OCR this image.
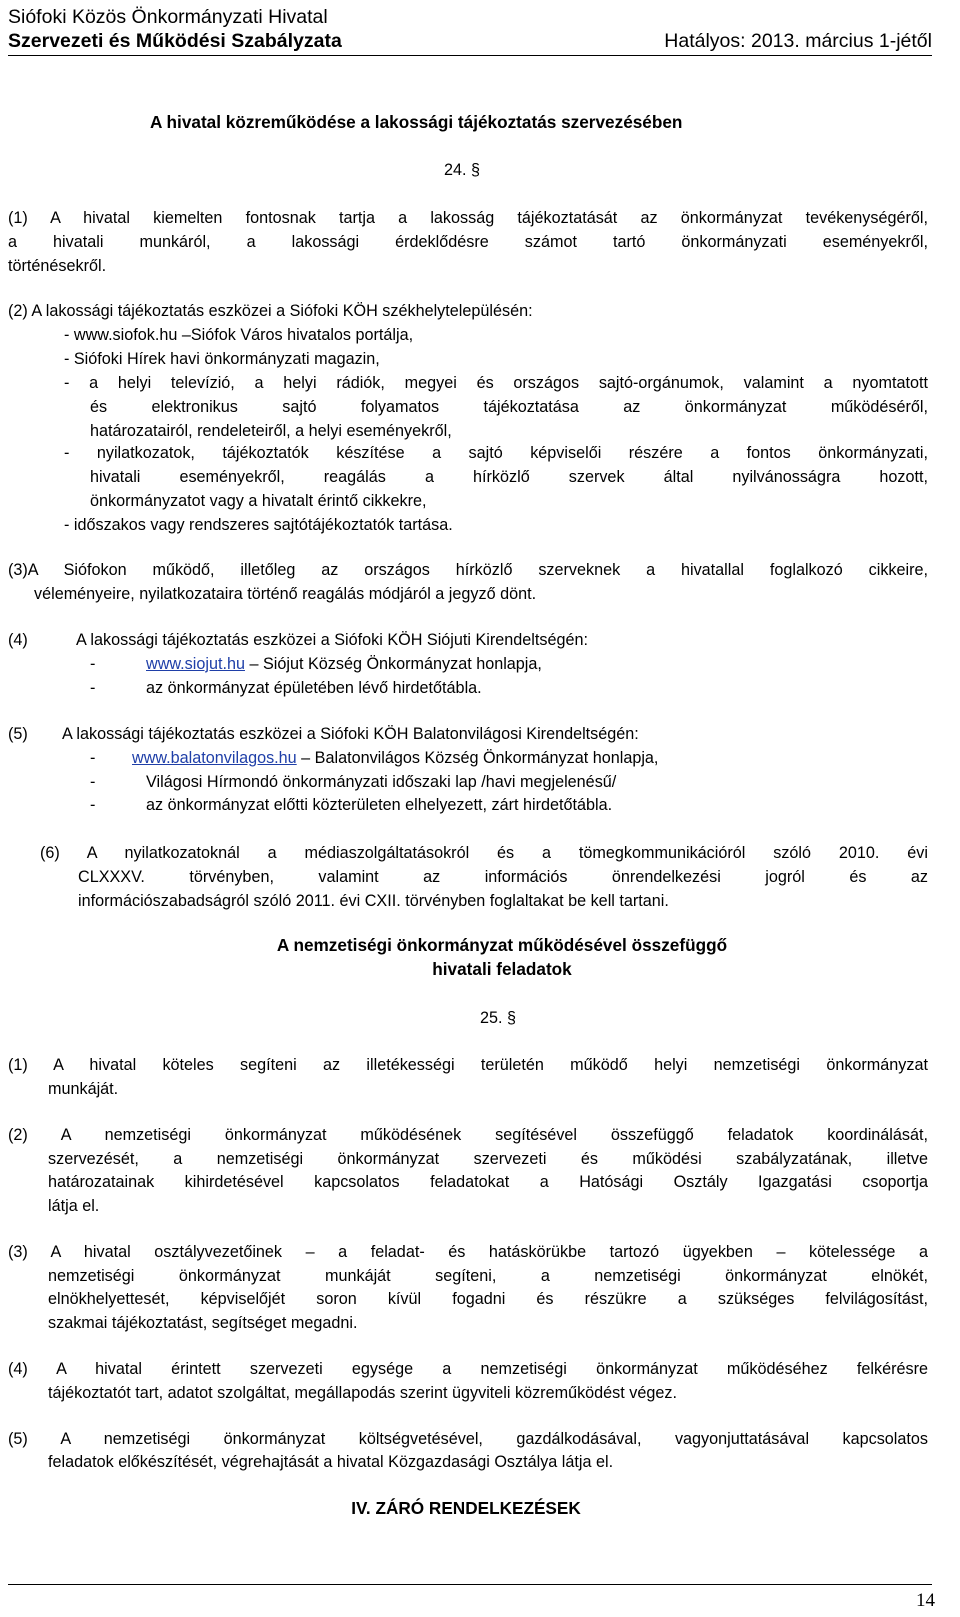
Siófoki Közös Önkormányzati Hivatal
Szervezeti és Működési Szabályzata	Hatályos: 2013. március 1-jétől
A hivatal közreműködése a lakossági tájékoztatás szervezésében
24. §
(1) A hivatal kiemelten fontosnak tartja a lakosság tájékoztatását az önkormányzat tevékenységéről,
a hivatali munkáról, a lakossági érdeklődésre számot tartó önkormányzati eseményekről,
történésekről.
(2) A lakossági tájékoztatás eszközei a Siófoki KÖH székhelytelepülésén:
- www.siofok.hu –Siófok Város hivatalos portálja,
- Siófoki Hírek havi önkormányzati magazin,
- a helyi televízió, a helyi rádiók, megyei és országos sajtó-orgánumok, valamint a nyomtatott
és elektronikus sajtó folyamatos tájékoztatása az önkormányzat működéséről,
határozatairól, rendeleteiről, a helyi eseményekről,
- nyilatkozatok, tájékoztatók készítése a sajtó képviselői részére a fontos önkormányzati,
hivatali eseményekről, reagálás a hírközlő szervek által nyilvánosságra hozott,
önkormányzatot vagy a hivatalt érintő cikkekre,
- időszakos vagy rendszeres sajtótájékoztatók tartása.
(3)A Siófokon működő, illetőleg az országos hírközlő szerveknek a hivatallal foglalkozó cikkeire,
véleményeire, nyilatkozataira történő reagálás módjáról a jegyző dönt.
(4)	A lakossági tájékoztatás eszközei a Siófoki KÖH Siójuti Kirendeltségén:
-	www.siojut.hu – Siójut Község Önkormányzat honlapja,
-	az önkormányzat épületében lévő hirdetőtábla.
(5) A lakossági tájékoztatás eszközei a Siófoki KÖH Balatonvilágosi Kirendeltségén:
- www.balatonvilagos.hu – Balatonvilágos Község Önkormányzat honlapja,
-	Világosi Hírmondó önkormányzati időszaki lap /havi megjelenésű/
-	az önkormányzat előtti közterületen elhelyezett, zárt hirdetőtábla.
(6) A nyilatkozatoknál a médiaszolgáltatásokról és a tömegkommunikációról szóló 2010. évi
CLXXXV. törvényben, valamint az információs önrendelkezési jogról és az
információszabadságról szóló 2011. évi CXII. törvényben foglaltakat be kell tartani.
A nemzetiségi önkormányzat működésével összefüggő
hivatali feladatok
25. §
(1) A hivatal köteles segíteni az illetékességi területén működő helyi nemzetiségi önkormányzat
munkáját.
(2) A nemzetiségi önkormányzat működésének segítésével összefüggő feladatok koordinálását,
szervezését, a nemzetiségi önkormányzat szervezeti és működési szabályzatának, illetve
határozatainak kihirdetésével kapcsolatos feladatokat a Hatósági Osztály Igazgatási csoportja
látja el.
(3) A hivatal osztályvezetőinek – a feladat- és hatáskörükbe tartozó ügyekben – kötelessége a
nemzetiségi önkormányzat munkáját segíteni, a nemzetiségi önkormányzat elnökét,
elnökhelyettesét, képviselőjét soron kívül fogadni és részükre a szükséges felvilágosítást,
szakmai tájékoztatást, segítséget megadni.
(4) A hivatal érintett szervezeti egysége a nemzetiségi önkormányzat működéséhez felkérésre
tájékoztatót tart, adatot szolgáltat, megállapodás szerint ügyviteli közreműködést végez.
(5) A nemzetiségi önkormányzat költségvetésével, gazdálkodásával, vagyonjuttatásával kapcsolatos
feladatok előkészítését, végrehajtását a hivatal Közgazdasági Osztálya látja el.
IV. ZÁRÓ RENDELKEZÉSEK
14
